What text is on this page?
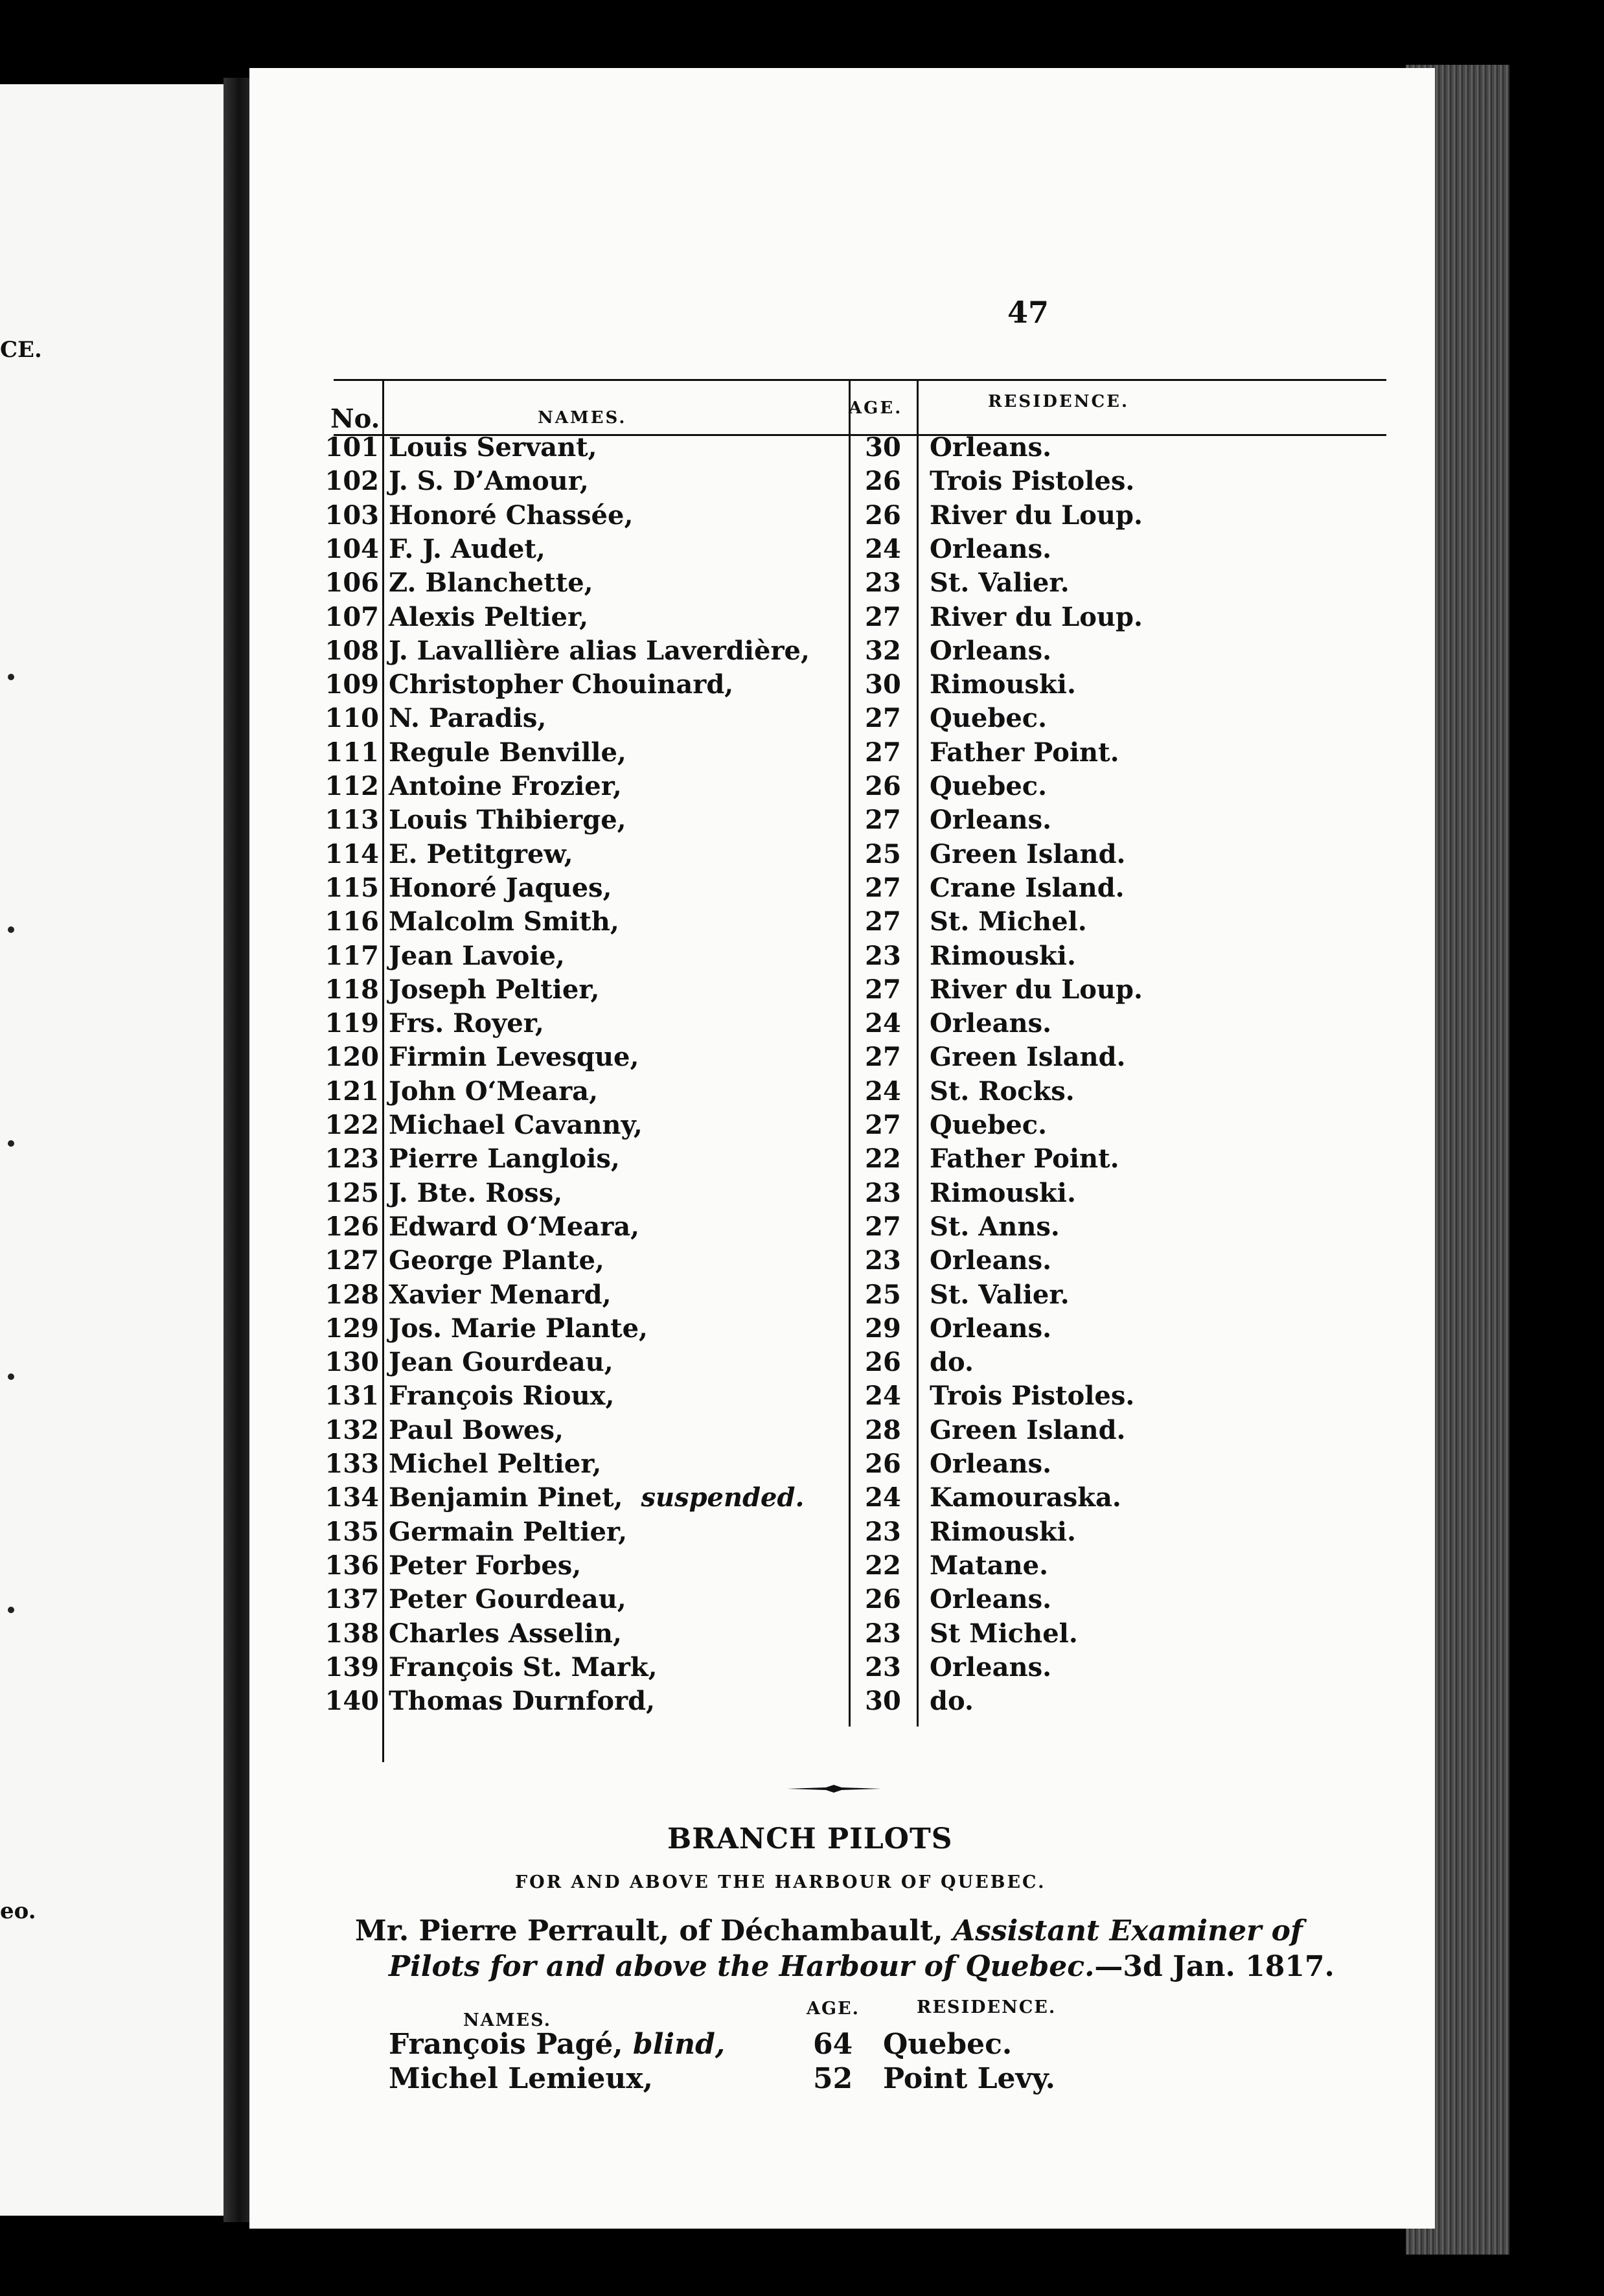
CE.
eo.
47
No.	NAMES.	AGE.	RESIDENCE.
101 Louis Servant,	30	Orleans.
102 J. S. D’Amour,	26	Trois Pistoles.
103 Honoré Chassée,	26	River du Loup.
104 F. J. Audet,	24	Orleans.
106 Z. Blanchette,	23	St. Valier.
107 Alexis Peltier,	27	River du Loup.
108 J. Lavallière alias Laverdière,	32	Orleans.
109 Christopher Chouinard,	30	Rimouski.
110 N. Paradis,	27	Quebec.
111 Regule Benville,	27	Father Point.
112 Antoine Frozier,	26	Quebec.
113 Louis Thibierge,	27	Orleans.
114 E. Petitgrew,	25	Green Island.
115 Honoré Jaques,	27	Crane Island.
116 Malcolm Smith,	27	St. Michel.
117 Jean Lavoie,	23	Rimouski.
118 Joseph Peltier,	27	River du Loup.
119 Frs. Royer,	24	Orleans.
120 Firmin Levesque,	27	Green Island.
121 John O‘Meara,	24	St. Rocks.
122 Michael Cavanny,	27	Quebec.
123 Pierre Langlois,	22	Father Point.
125 J. Bte. Ross,	23	Rimouski.
126 Edward O‘Meara,	27	St. Anns.
127 George Plante,	23	Orleans.
128 Xavier Menard,	25	St. Valier.
129 Jos. Marie Plante,	29	Orleans.
130 Jean Gourdeau,	26	do.
131 François Rioux,	24	Trois Pistoles.
132 Paul Bowes,	28	Green Island.
133 Michel Peltier,	26	Orleans.
134 Benjamin Pinet, suspended.	24	Kamouraska.
135 Germain Peltier,	23	Rimouski.
136 Peter Forbes,	22	Matane.
137 Peter Gourdeau,	26	Orleans.
138 Charles Asselin,	23	St Michel.
139 François St. Mark,	23	Orleans.
140 Thomas Durnford,	30	do.
BRANCH PILOTS
FOR AND ABOVE THE HARBOUR OF QUEBEC.
Mr. Pierre Perrault, of Déchambault, Assistant Examiner of
Pilots for and above the Harbour of Quebec.—3d Jan. 1817.
NAMES.
AGE.	RESIDENCE.
François Pagé, blind,	64 Quebec.
Michel Lemieux,	52 Point Levy.
